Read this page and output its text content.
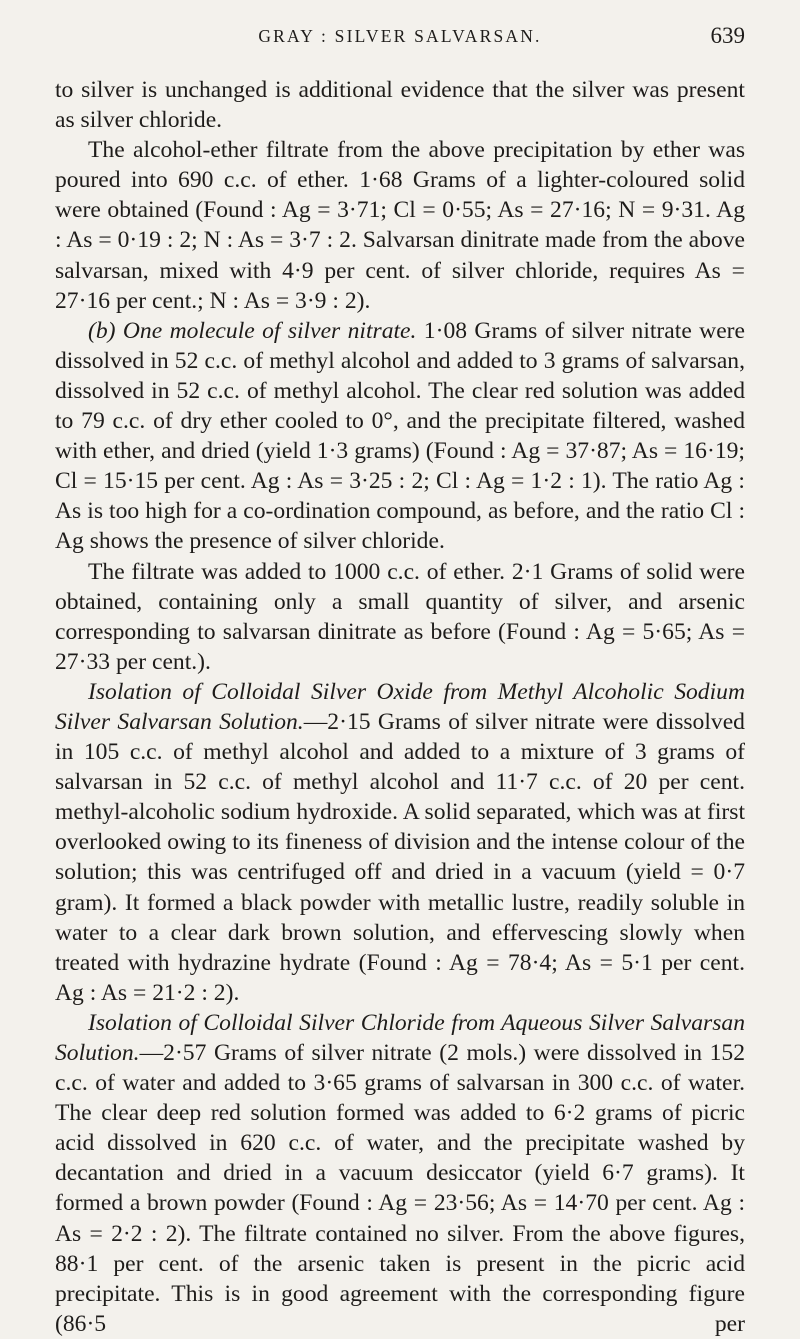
GRAY : SILVER SALVARSAN.	639

to silver is unchanged is additional evidence that the silver was present as silver chloride.

The alcohol-ether filtrate from the above precipitation by ether was poured into 690 c.c. of ether. 1·68 Grams of a lighter-coloured solid were obtained (Found : Ag = 3·71; Cl = 0·55; As = 27·16; N = 9·31. Ag : As = 0·19 : 2; N : As = 3·7 : 2. Salvarsan dinitrate made from the above salvarsan, mixed with 4·9 per cent. of silver chloride, requires As = 27·16 per cent.; N : As = 3·9 : 2).

(b) One molecule of silver nitrate. 1·08 Grams of silver nitrate were dissolved in 52 c.c. of methyl alcohol and added to 3 grams of salvarsan, dissolved in 52 c.c. of methyl alcohol. The clear red solution was added to 79 c.c. of dry ether cooled to 0°, and the precipitate filtered, washed with ether, and dried (yield 1·3 grams) (Found : Ag = 37·87; As = 16·19; Cl = 15·15 per cent. Ag : As = 3·25 : 2; Cl : Ag = 1·2 : 1). The ratio Ag : As is too high for a co-ordination compound, as before, and the ratio Cl : Ag shows the presence of silver chloride.

The filtrate was added to 1000 c.c. of ether. 2·1 Grams of solid were obtained, containing only a small quantity of silver, and arsenic corresponding to salvarsan dinitrate as before (Found : Ag = 5·65; As = 27·33 per cent.).

Isolation of Colloidal Silver Oxide from Methyl Alcoholic Sodium Silver Salvarsan Solution.—2·15 Grams of silver nitrate were dissolved in 105 c.c. of methyl alcohol and added to a mixture of 3 grams of salvarsan in 52 c.c. of methyl alcohol and 11·7 c.c. of 20 per cent. methyl-alcoholic sodium hydroxide. A solid separated, which was at first overlooked owing to its fineness of division and the intense colour of the solution; this was centrifuged off and dried in a vacuum (yield = 0·7 gram). It formed a black powder with metallic lustre, readily soluble in water to a clear dark brown solution, and effervescing slowly when treated with hydrazine hydrate (Found : Ag = 78·4; As = 5·1 per cent. Ag : As = 21·2 : 2).

Isolation of Colloidal Silver Chloride from Aqueous Silver Salvarsan Solution.—2·57 Grams of silver nitrate (2 mols.) were dissolved in 152 c.c. of water and added to 3·65 grams of salvarsan in 300 c.c. of water. The clear deep red solution formed was added to 6·2 grams of picric acid dissolved in 620 c.c. of water, and the precipitate washed by decantation and dried in a vacuum desiccator (yield 6·7 grams). It formed a brown powder (Found : Ag = 23·56; As = 14·70 per cent. Ag : As = 2·2 : 2). The filtrate contained no silver. From the above figures, 88·1 per cent. of the arsenic taken is present in the picric acid precipitate. This is in good agreement with the corresponding figure (86·5 per
